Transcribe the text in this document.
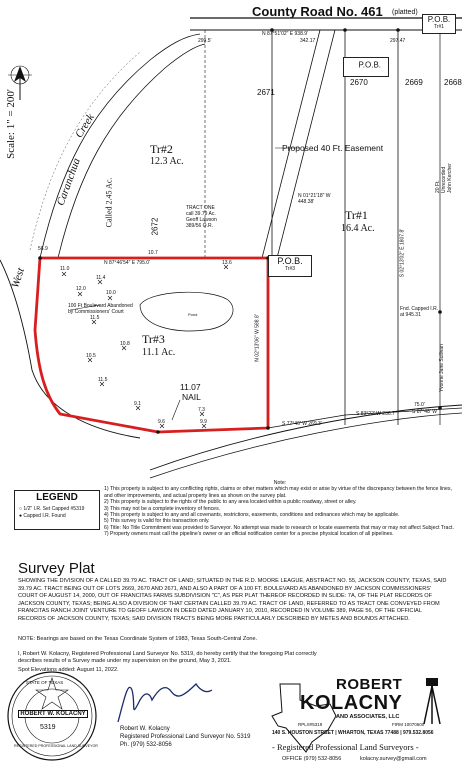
County Road No. 461 (platted)
P.O.B.
Tr#1
P.O.B.
P.O.B.
Tr#3
Scale: 1" = 200'
Caranchua
Creek
West
Called 2.45 Ac.
Tr#2
12.3 Ac.
Tr#1
16.4 Ac.
Tr#3
11.1 Ac.
Proposed 40 Ft. Easement
TRACT ONE
call 39.79 Ac.
Geoff Lawson
389/56 O.R.
100 Ft Boulevard Abandoned
by Commissioners' Court	Pond
11.07
NAIL
2671
2670	2669	2668
2672
N 87°51'02" E 938.9'
299.5'	342.17	297.47
N 87°46'54" E 795.0'
N 02°13'06" W 588.8'
S 77°46' W 269.3'
S 83°22' W 236.7'	S 87°48' W
N 01°21'18" W
448.38'
S 02°13'02" E 1807.8'
75.0'
10.7
56.9
Fnd. Capped I.R.
at 945.31
20 Ft. Unrecorded
John Kercher
Yvonne Jane Sullivan
11.0
12.0
11.4
10.0
11.5
10.8
10.5
11.5
9.1
9.6
7.3
9.9
13.6
LEGEND
○ 1/2" I.R. Set Capped #5319
● Capped I.R. Found
Note:
1) This property is subject to any conflicting rights, claims or other matters which may exist or arise by virtue of the discrepancy between the fence lines, and other improvements, and actual property lines as shown on the survey plat.
2) This property is subject to the rights of the public to any area located within a public roadway, street or alley.
3) This may not be a complete inventory of fences.
4) This property is subject to any and all covenants, restrictions, easements, conditions and ordinances which may be applicable.
5) This survey is valid for this transaction only.
6) Title: No Title Commitment was provided to Surveyor. No attempt was made to research or locate easements that may or may not affect Subject Tract.
7) Property owners must call the pipeline's owner or an official notification center for a precise physical location of all pipelines.
Survey Plat
SHOWING THE DIVISION OF A CALLED 39.79 AC. TRACT OF LAND; SITUATED IN THE R.D. MOORE LEAGUE, ABSTRACT NO. 55, JACKSON COUNTY, TEXAS, SAID 39.79 AC. TRACT BEING OUT OF LOTS 2669, 2670 AND 2671, AND ALSO A PART OF A 100 FT. BOULEVARD AS ABANDONED BY JACKSON COMMISSIONERS' COURT OF AUGUST 14, 2000, OUT OF FRANCITAS FARMS SUBDIVISION "C", AS PER PLAT THEREOF RECORDED IN SLIDE: 7A, OF THE PLAT RECORDS OF JACKSON COUNTY, TEXAS; BEING ALSO A DIVISION OF THAT CERTAIN CALLED 39.79 AC. TRACT OF LAND, REFERRED TO AS TRACT ONE CONVEYED FROM FRANCITAS RANCH JOINT VENTURE TO GEOFF LAWSON IN DEED DATED JANUARY 10, 2010, RECORDED IN VOLUME 389, PAGE 56, OF THE OFFICIAL RECORDS OF JACKSON COUNTY, TEXAS; SAID DIVISION TRACTS BEING MORE PARTICULARLY DESCRIBED BY METES AND BOUNDS ATTACHED.
NOTE: Bearings are based on the Texas Coordinate System of 1983, Texas South-Central Zone.
I, Robert W. Kolacny, Registered Professional Land Surveyor No. 5319, do hereby certify that the foregoing Plat correctly describes results of a Survey made under my supervision on the ground, May 3, 2021.
Spot Elevations added: August 11, 2022.
ROBERT W. KOLACNY
5319
STATE OF TEXAS
REGISTERED PROFESSIONAL LAND SURVEYOR
Robert W. Kolacny
Registered Professional Land Surveyor No. 5319
Ph. (979) 532-8056
ROBERT
KOLACNY
AND ASSOCIATES, LLC
RPLS#5319	FIRM 10070600
140 S. HOUSTON STREET | WHARTON, TEXAS 77488 | 979.532.8056
- Registered Professional Land Surveyors -
OFFICE (979) 532-8056	kolacny.survey@gmail.com
